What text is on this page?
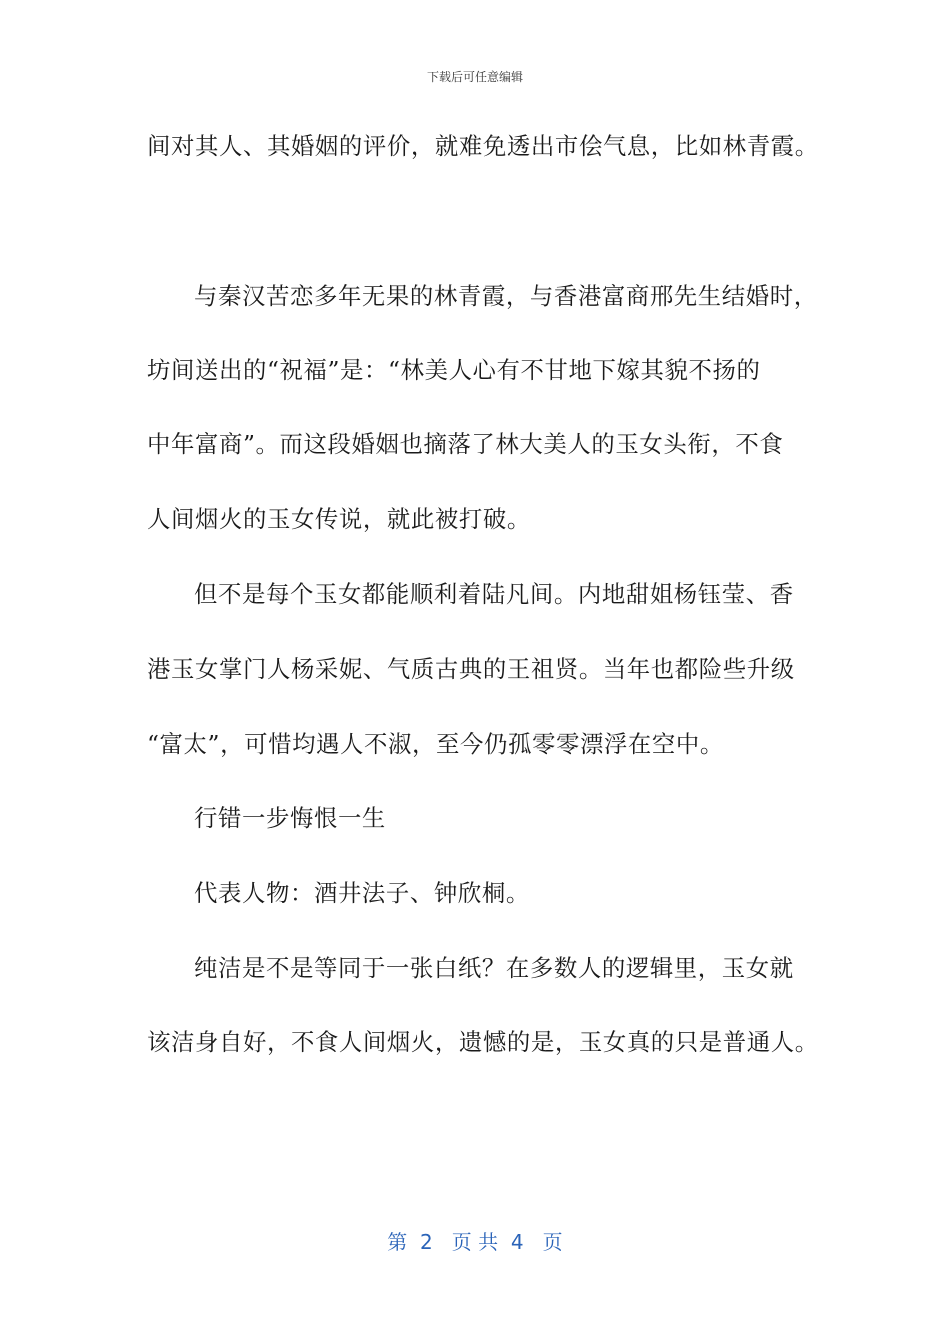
下载后可任意编辑
间对其人、其婚姻的评价，就难免透出市侩气息，比如林青霞。
与秦汉苦恋多年无果的林青霞，与香港富商邢先生结婚时，
坊间送出的“祝福”是：“林美人心有不甘地下嫁其貌不扬的
中年富商”。而这段婚姻也摘落了林大美人的玉女头衔，不食
人间烟火的玉女传说，就此被打破。
但不是每个玉女都能顺利着陆凡间。内地甜姐杨钰莹、香
港玉女掌门人杨采妮、气质古典的王祖贤。当年也都险些升级
“富太”，可惜均遇人不淑，至今仍孤零零漂浮在空中。
行错一步悔恨一生
代表人物：酒井法子、钟欣桐。
纯洁是不是等同于一张白纸？在多数人的逻辑里，玉女就
该洁身自好，不食人间烟火，遗憾的是，玉女真的只是普通人。
第  2   页 共  4   页
